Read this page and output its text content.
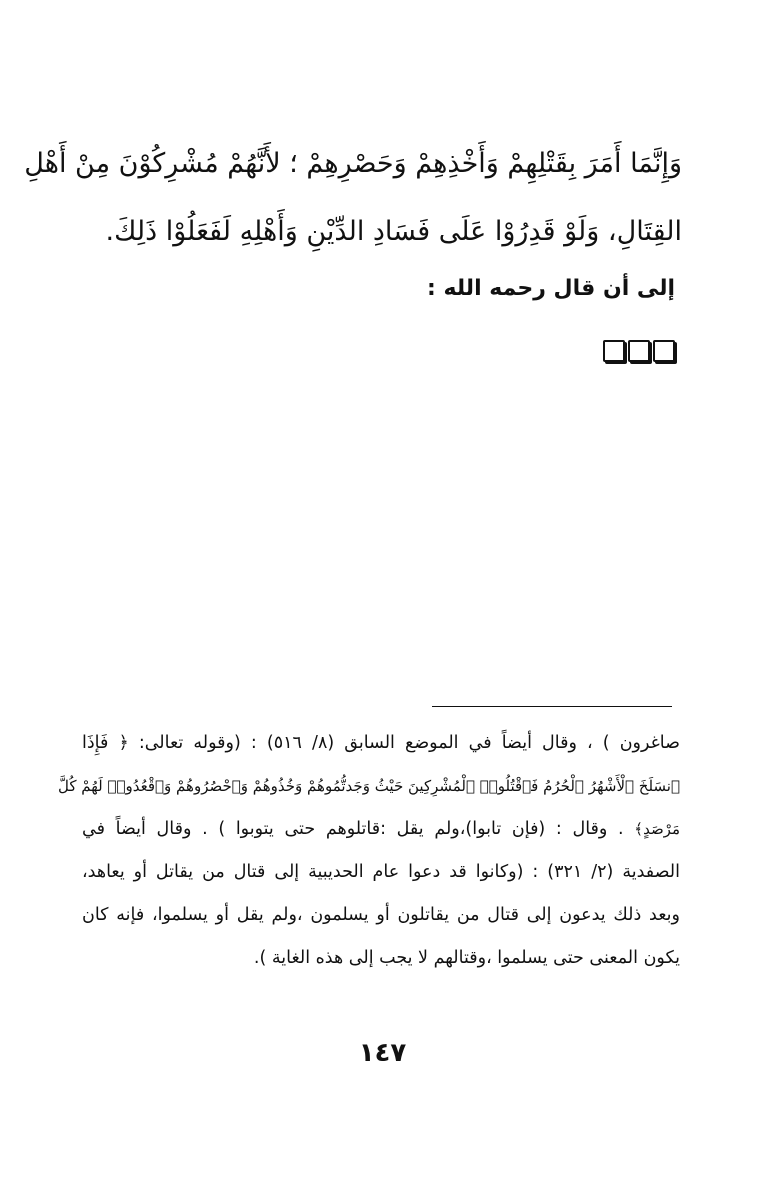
وَإِنَّمَا أَمَرَ بِقَتْلِهِمْ وَأَخْذِهِمْ وَحَصْرِهِمْ ؛ لأَنَّهُمْ مُشْرِكُوْنَ مِنْ أَهْلِ
القِتَالِ، وَلَوْ قَدِرُوْا عَلَى فَسَادِ الدِّيْنِ وَأَهْلِهِ لَفَعَلُوْا ذَلِكَ.

إلى أن قال رحمه الله :

صاغرون ) ، وقال أيضاً في الموضع السابق (٨/ ٥١٦) : (وقوله تعالى: ﴿ فَإِذَا
ٱنسَلَخَ ٱلْأَشْهُرُ ٱلْحُرُمُ فَٱقْتُلُوا۟ ٱلْمُشْرِكِينَ حَيْثُ وَجَدتُّمُوهُمْ وَخُذُوهُمْ وَٱحْصُرُوهُمْ وَٱقْعُدُوا۟ لَهُمْ كُلَّ
مَرْصَدٍ﴾ . وقال : (فإن تابوا)،ولم يقل :قاتلوهم حتى يتوبوا ) . وقال أيضاً في
الصفدية (٢/ ٣٢١) : (وكانوا قد دعوا عام الحديبية إلى قتال من يقاتل أو يعاهد،
وبعد ذلك يدعون إلى قتال من يقاتلون أو يسلمون ،ولم يقل أو يسلموا، فإنه كان
يكون المعنى حتى يسلموا ،وقتالهم لا يجب إلى هذه الغاية ).
١٤٧
